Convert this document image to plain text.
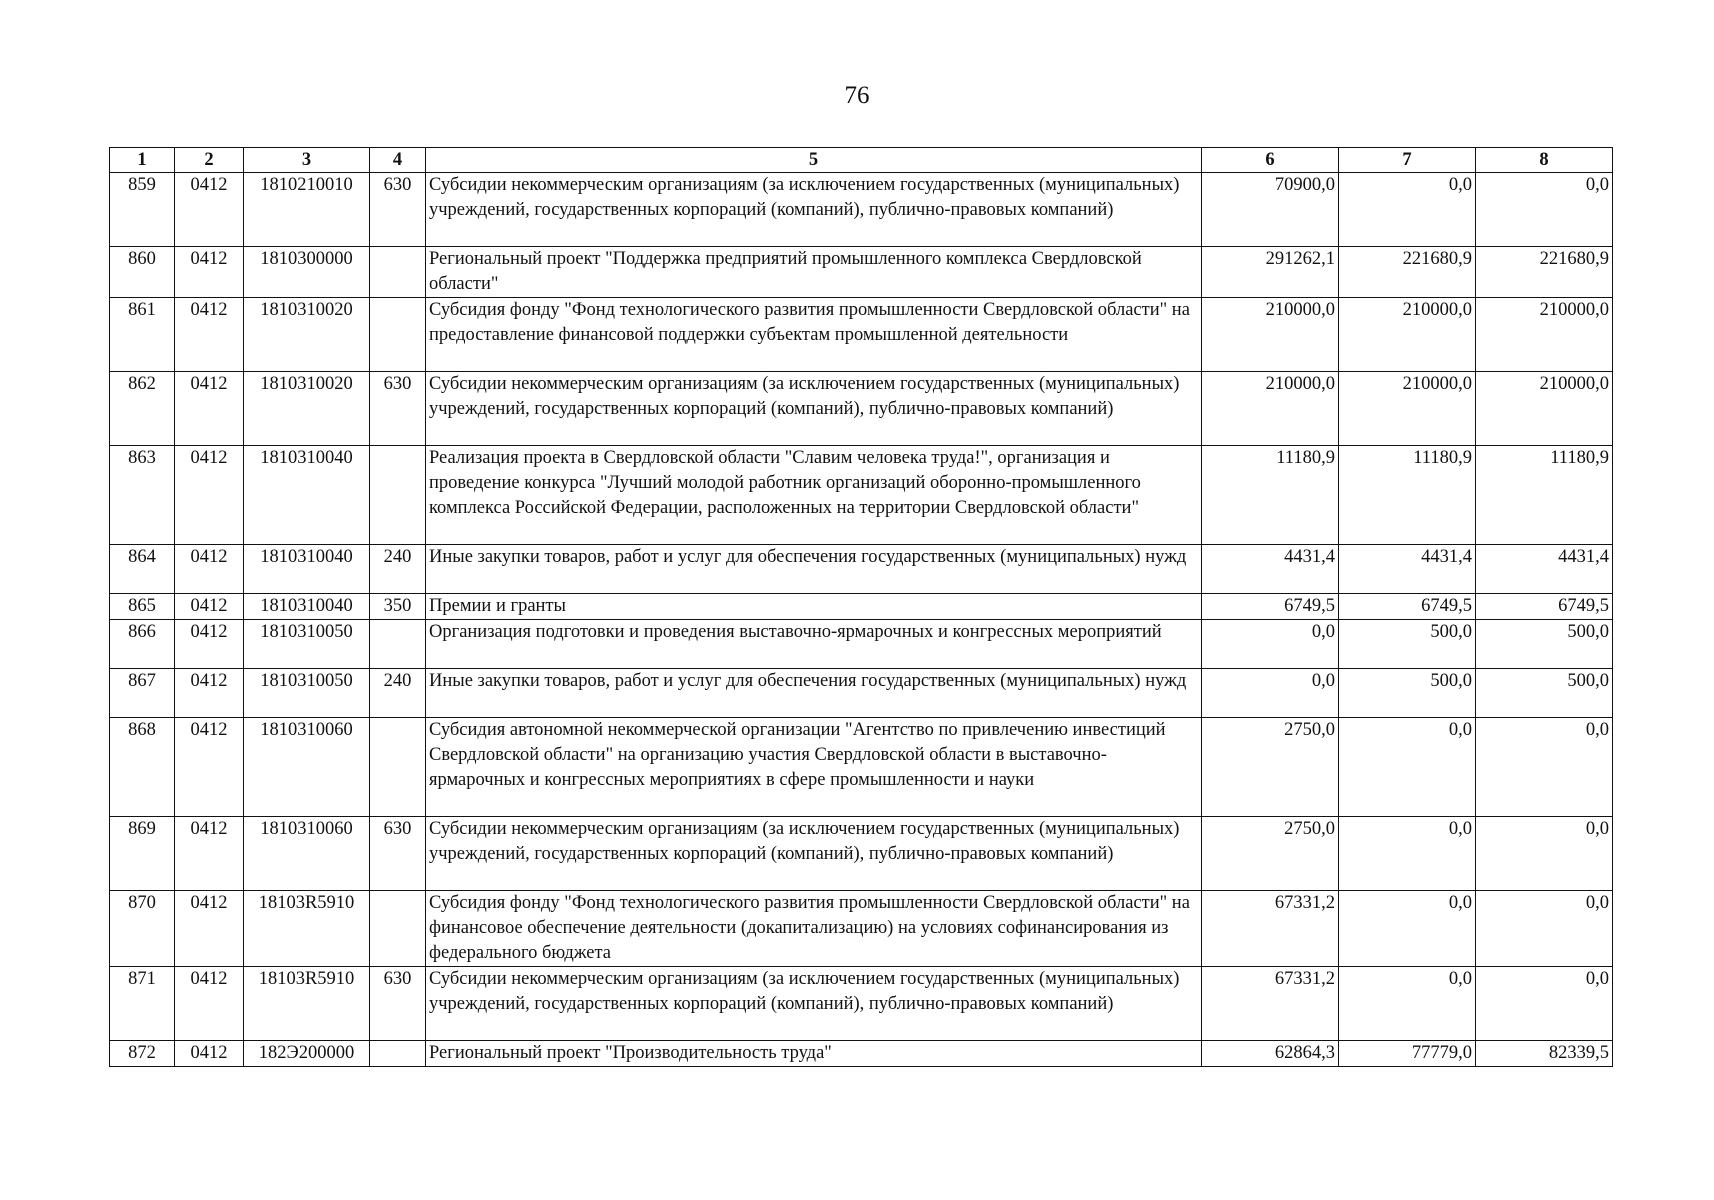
76
1	2	3	4	5	6	7	8
859	0412	1810210010	630	Субсидии некоммерческим организациям (за исключением государственных (муниципальных) учреждений, государственных корпораций (компаний), публично-правовых компаний)	70900,0	0,0	0,0
860	0412	1810300000		Региональный проект "Поддержка предприятий промышленного комплекса Свердловской области"	291262,1	221680,9	221680,9
861	0412	1810310020		Субсидия фонду "Фонд технологического развития промышленности Свердловской области" на предоставление финансовой поддержки субъектам промышленной деятельности	210000,0	210000,0	210000,0
862	0412	1810310020	630	Субсидии некоммерческим организациям (за исключением государственных (муниципальных) учреждений, государственных корпораций (компаний), публично-правовых компаний)	210000,0	210000,0	210000,0
863	0412	1810310040		Реализация проекта в Свердловской области "Славим человека труда!", организация и проведение конкурса "Лучший молодой работник организаций оборонно-промышленного комплекса Российской Федерации, расположенных на территории Свердловской области"	11180,9	11180,9	11180,9
864	0412	1810310040	240	Иные закупки товаров, работ и услуг для обеспечения государственных (муниципальных) нужд	4431,4	4431,4	4431,4
865	0412	1810310040	350	Премии и гранты	6749,5	6749,5	6749,5
866	0412	1810310050		Организация подготовки и проведения выставочно-ярмарочных и конгрессных мероприятий	0,0	500,0	500,0
867	0412	1810310050	240	Иные закупки товаров, работ и услуг для обеспечения государственных (муниципальных) нужд	0,0	500,0	500,0
868	0412	1810310060		Субсидия автономной некоммерческой организации "Агентство по привлечению инвестиций Свердловской области" на организацию участия Свердловской области в выставочно-ярмарочных и конгрессных мероприятиях в сфере промышленности и науки	2750,0	0,0	0,0
869	0412	1810310060	630	Субсидии некоммерческим организациям (за исключением государственных (муниципальных) учреждений, государственных корпораций (компаний), публично-правовых компаний)	2750,0	0,0	0,0
870	0412	18103R5910		Субсидия фонду "Фонд технологического развития промышленности Свердловской области" на финансовое обеспечение деятельности (докапитализацию) на условиях софинансирования из федерального бюджета	67331,2	0,0	0,0
871	0412	18103R5910	630	Субсидии некоммерческим организациям (за исключением государственных (муниципальных) учреждений, государственных корпораций (компаний), публично-правовых компаний)	67331,2	0,0	0,0
872	0412	182Э200000		Региональный проект "Производительность труда"	62864,3	77779,0	82339,5
